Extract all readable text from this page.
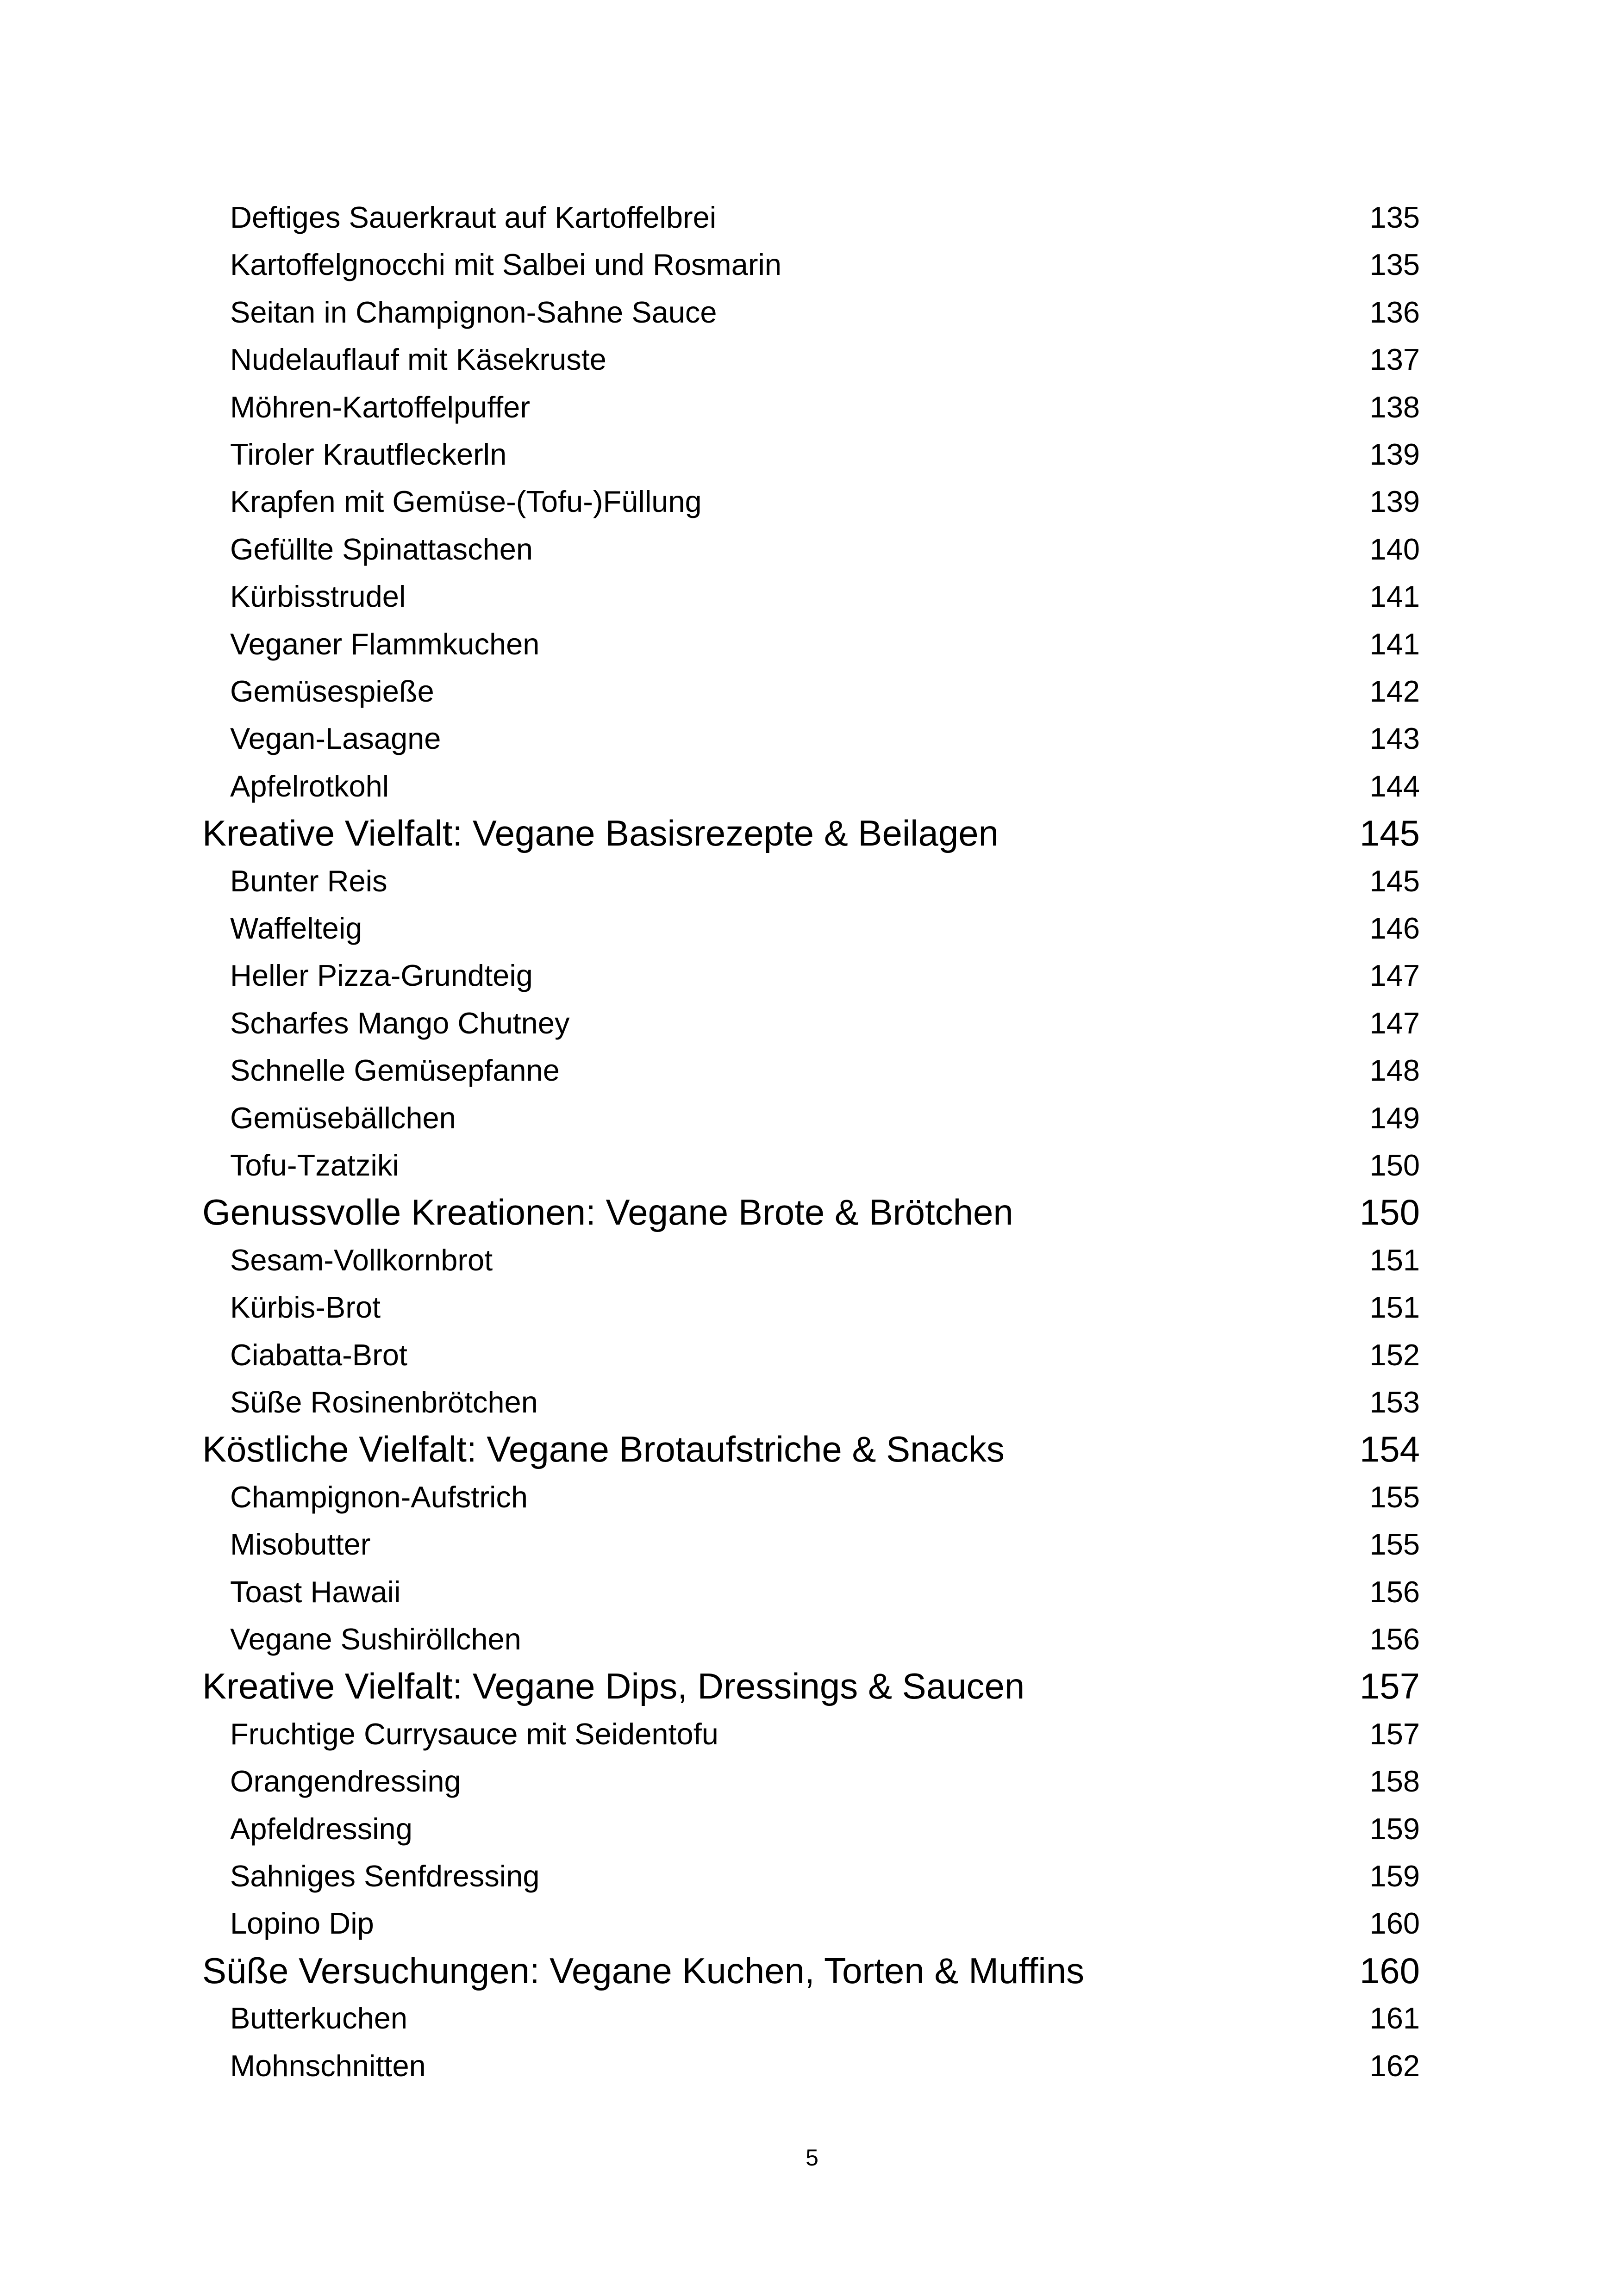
Deftiges Sauerkraut auf Kartoffelbrei	135
Kartoffelgnocchi mit Salbei und Rosmarin	135
Seitan in Champignon-Sahne Sauce	136
Nudelauflauf mit Käsekruste	137
Möhren-Kartoffelpuffer	138
Tiroler Krautfleckerln	139
Krapfen mit Gemüse-(Tofu-)Füllung	139
Gefüllte Spinattaschen	140
Kürbisstrudel	141
Veganer Flammkuchen	141
Gemüsespieße	142
Vegan-Lasagne	143
Apfelrotkohl	144
Kreative Vielfalt: Vegane Basisrezepte & Beilagen	145
Bunter Reis	145
Waffelteig	146
Heller Pizza-Grundteig	147
Scharfes Mango Chutney	147
Schnelle Gemüsepfanne	148
Gemüsebällchen	149
Tofu-Tzatziki	150
Genussvolle Kreationen: Vegane Brote & Brötchen	150
Sesam-Vollkornbrot	151
Kürbis-Brot	151
Ciabatta-Brot	152
Süße Rosinenbrötchen	153
Köstliche Vielfalt: Vegane Brotaufstriche & Snacks	154
Champignon-Aufstrich	155
Misobutter	155
Toast Hawaii	156
Vegane Sushiröllchen	156
Kreative Vielfalt: Vegane Dips, Dressings & Saucen	157
Fruchtige Currysauce mit Seidentofu	157
Orangendressing	158
Apfeldressing	159
Sahniges Senfdressing	159
Lopino Dip	160
Süße Versuchungen: Vegane Kuchen, Torten & Muffins	160
Butterkuchen	161
Mohnschnitten	162
5
